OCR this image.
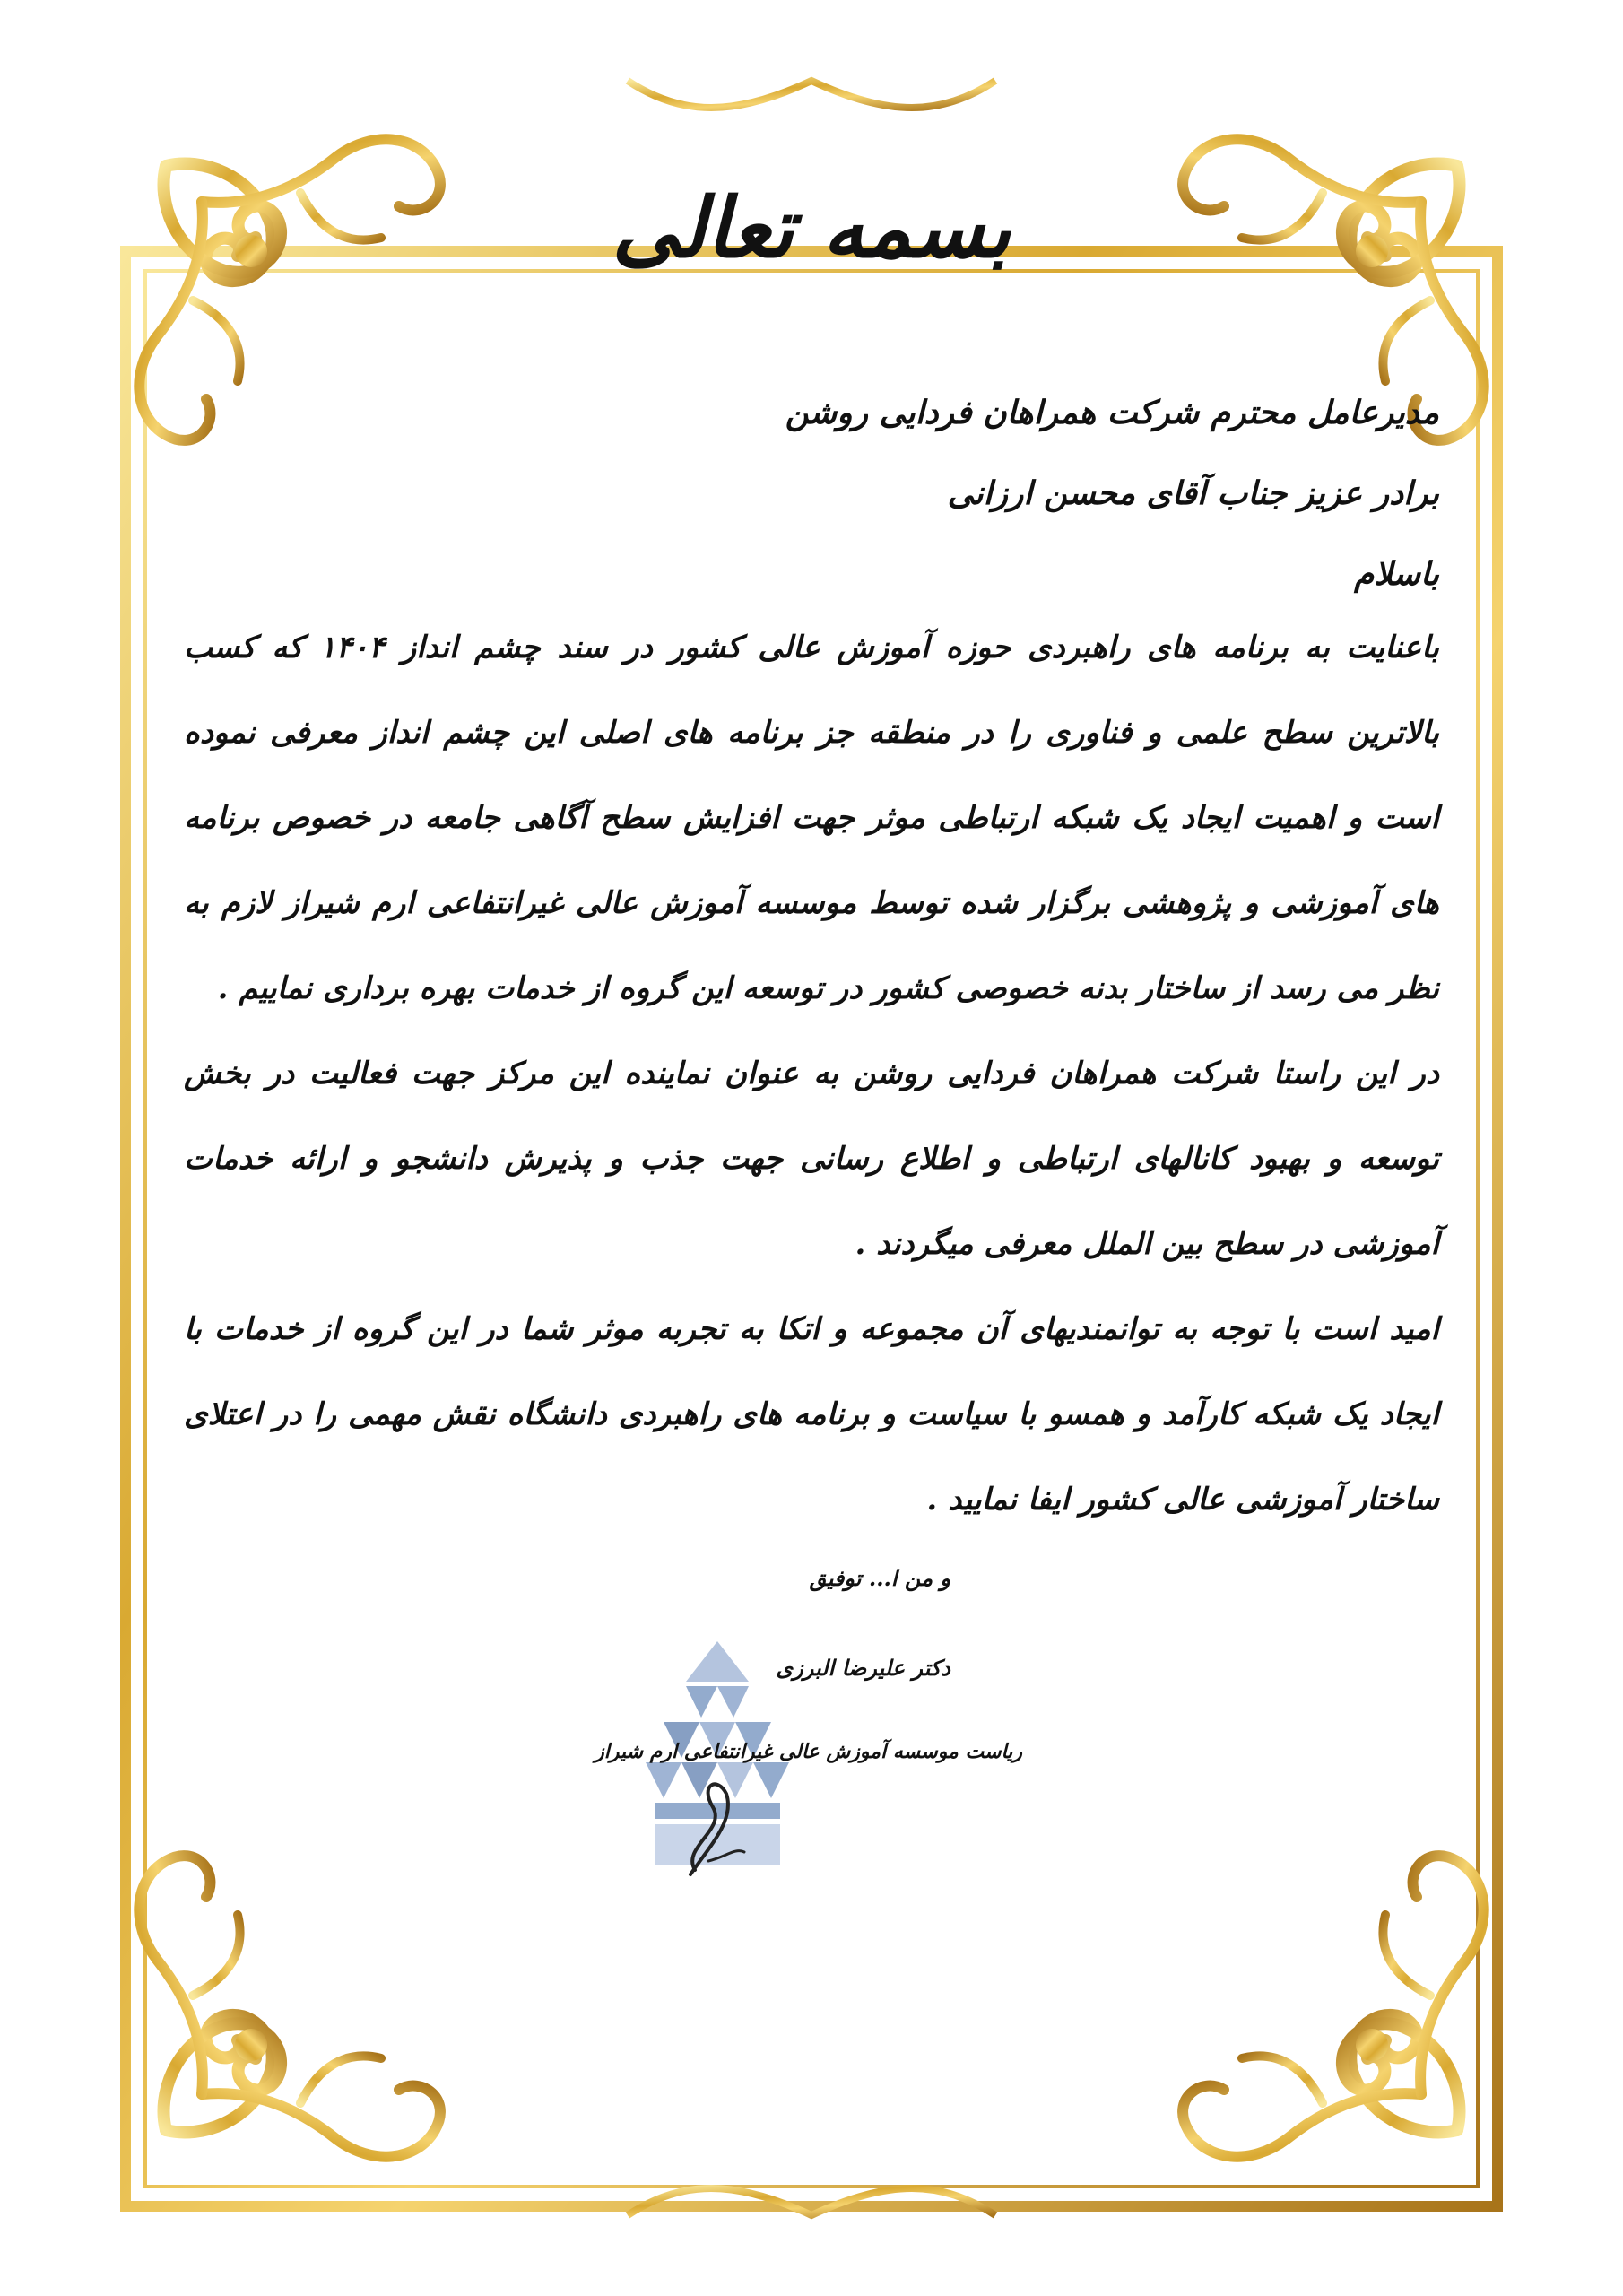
بسمه تعالی

مدیرعامل محترم شرکت همراهان فردایی روشن

برادر عزیز جناب آقای محسن ارزانی

باسلام

باعنایت به برنامه های راهبردی حوزه آموزش عالی کشور در سند چشم انداز ۱۴۰۴ که کسب بالاترین سطح علمی و فناوری را در منطقه جز برنامه های اصلی این چشم انداز معرفی نموده است و اهمیت ایجاد یک شبکه ارتباطی موثر جهت افزایش سطح آگاهی جامعه در خصوص برنامه های آموزشی و پژوهشی برگزار شده توسط موسسه آموزش عالی غیرانتفاعی ارم شیراز لازم به نظر می رسد از ساختار بدنه خصوصی کشور در توسعه این گروه از خدمات بهره برداری نماییم .

در این راستا شرکت همراهان فردایی روشن به عنوان نماینده این مرکز جهت فعالیت در بخش توسعه و بهبود کانالهای ارتباطی و اطلاع رسانی جهت جذب و پذیرش دانشجو و ارائه خدمات آموزشی در سطح بین الملل معرفی میگردند .

امید است با توجه به توانمندیهای آن مجموعه و اتکا به تجربه موثر شما در این گروه از خدمات با ایجاد یک شبکه کارآمد و همسو با سیاست و برنامه های راهبردی دانشگاه نقش مهمی را در اعتلای ساختار آموزشی عالی کشور ایفا نمایید .

و من ا... توفیق
دکتر علیرضا البرزی
ریاست موسسه آموزش عالی غیرانتفاعی ارم شیراز
